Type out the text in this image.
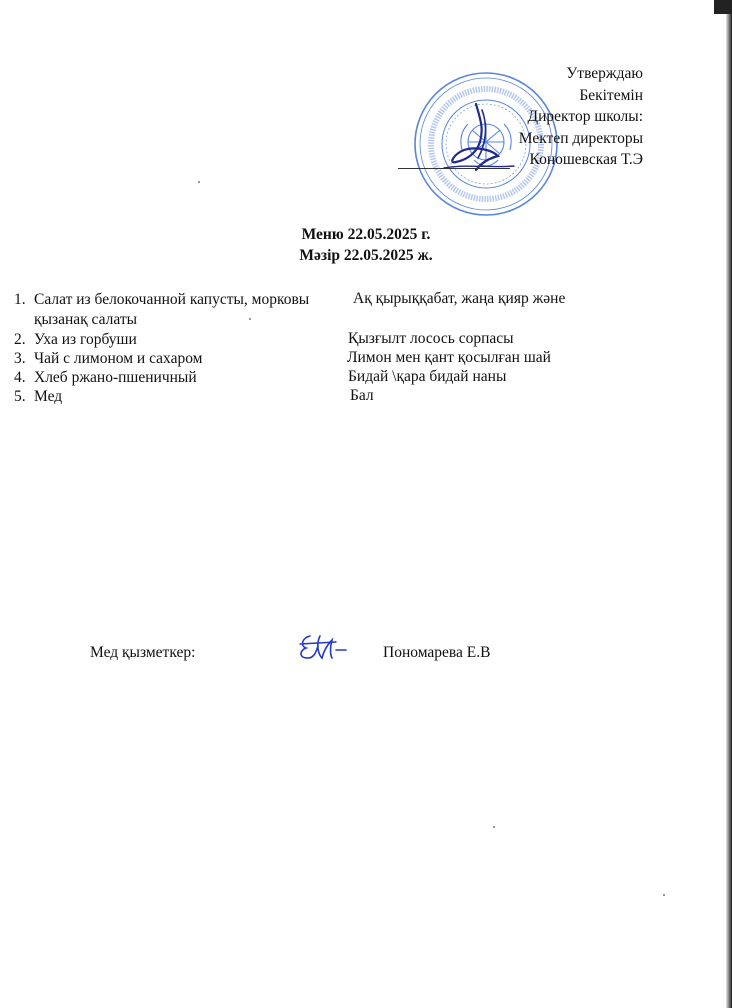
Утверждаю
Бекітемін
Директор школы:
Мектеп директоры
Коношевская Т.Э
Меню 22.05.2025 г.
Мәзір 22.05.2025 ж.
1. Салат из белокочанной капусты, морковы
қызанақ салаты
2. Уха из горбуши
3. Чай с лимоном и сахаром
4. Хлеб ржано-пшеничный
5. Мед
Ақ қырыққабат, жаңа қияр және
Қызғылт лосось сорпасы
Лимон мен қант қосылған шай
Бидай \қара бидай наны
Бал
Мед қызметкер:	Пономарева Е.В
